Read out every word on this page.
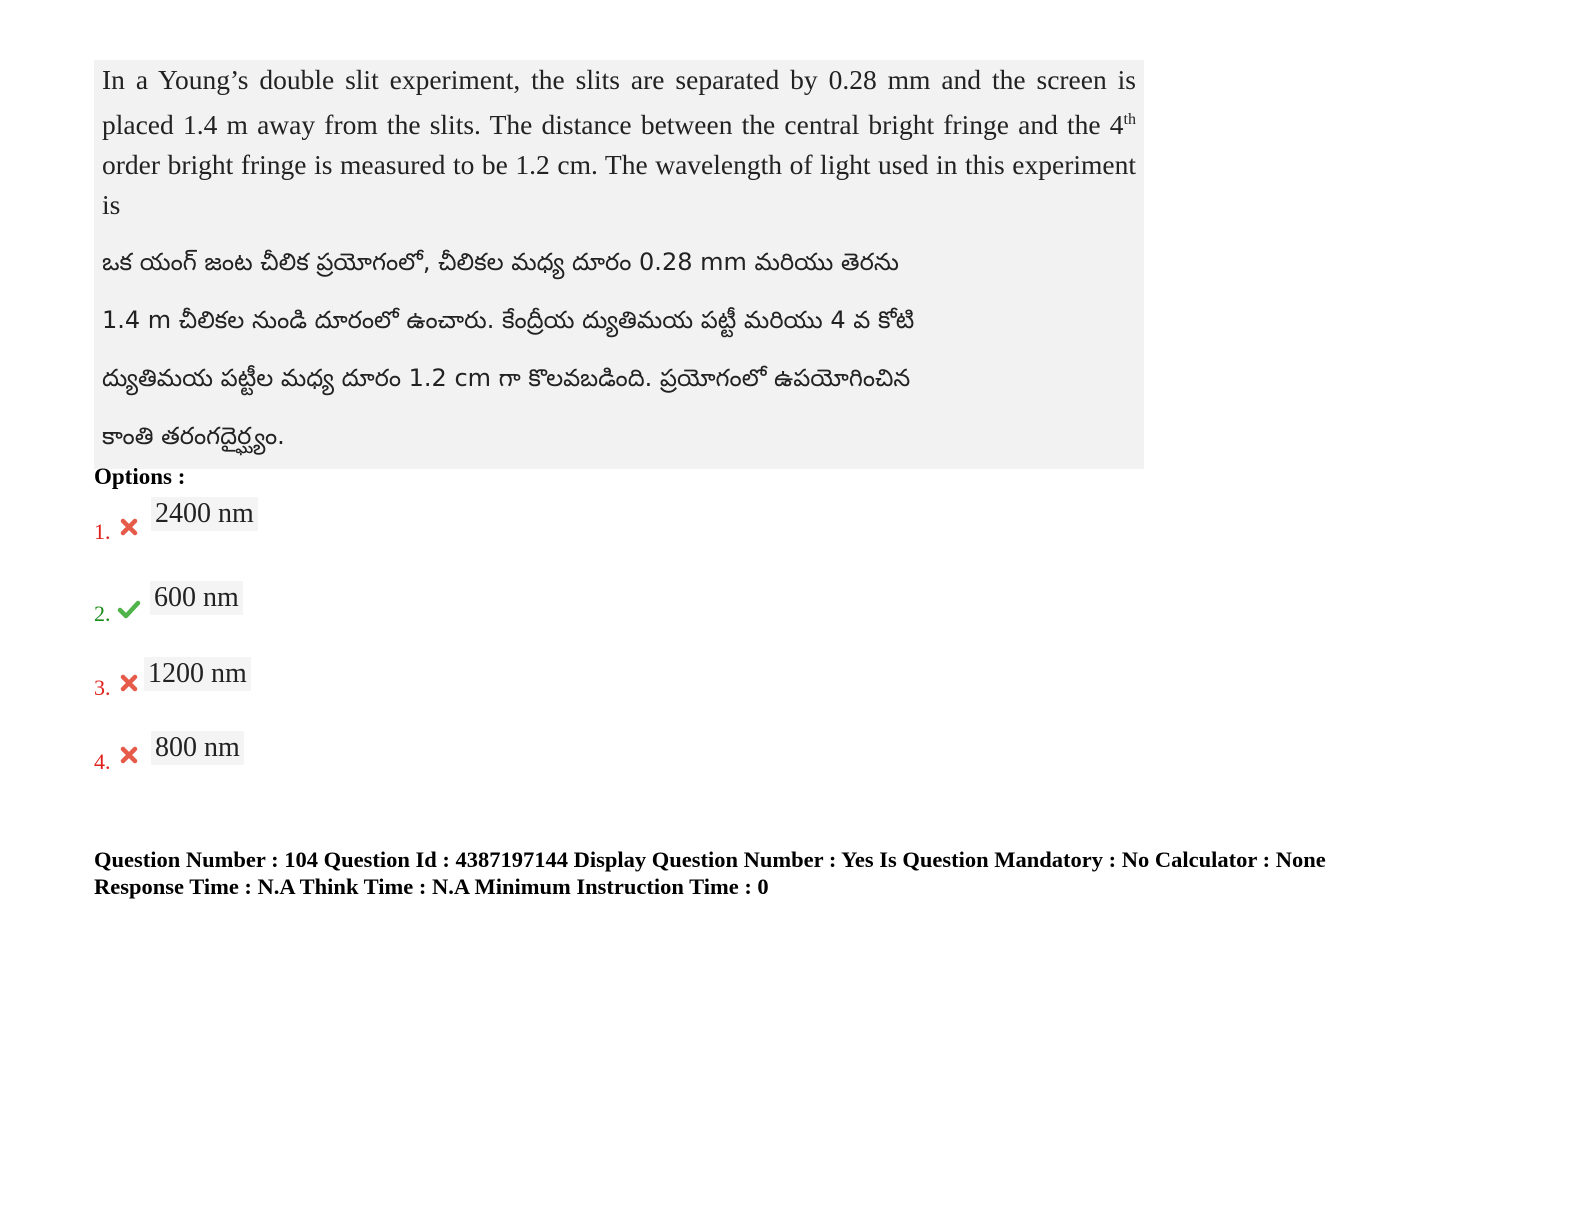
In a Young’s double slit experiment, the slits are separated by 0.28 mm and the screen is placed 1.4 m away from the slits. The distance between the central bright fringe and the 4th order bright fringe is measured to be 1.2 cm. The wavelength of light used in this experiment is

ఒక యంగ్ జంట చీలిక ప్రయోగంలో, చీలికల మధ్య దూరం 0.28 mm మరియు తెరను
1.4 m చీలికల నుండి దూరంలో ఉంచారు. కేంద్రీయ ద్యుతిమయ పట్టీ మరియు 4 వ కోటి
ద్యుతిమయ పట్టీల మధ్య దూరం 1.2 cm గా కొలవబడింది. ప్రయోగంలో ఉపయోగించిన
కాంతి తరంగదైర్ఘ్యం.

Options :
1.
2400 nm
2.
600 nm
3. 1200 nm
4. 800 nm
Question Number : 104 Question Id : 4387197144 Display Question Number : Yes Is Question Mandatory : No Calculator : None
Response Time : N.A Think Time : N.A Minimum Instruction Time : 0
